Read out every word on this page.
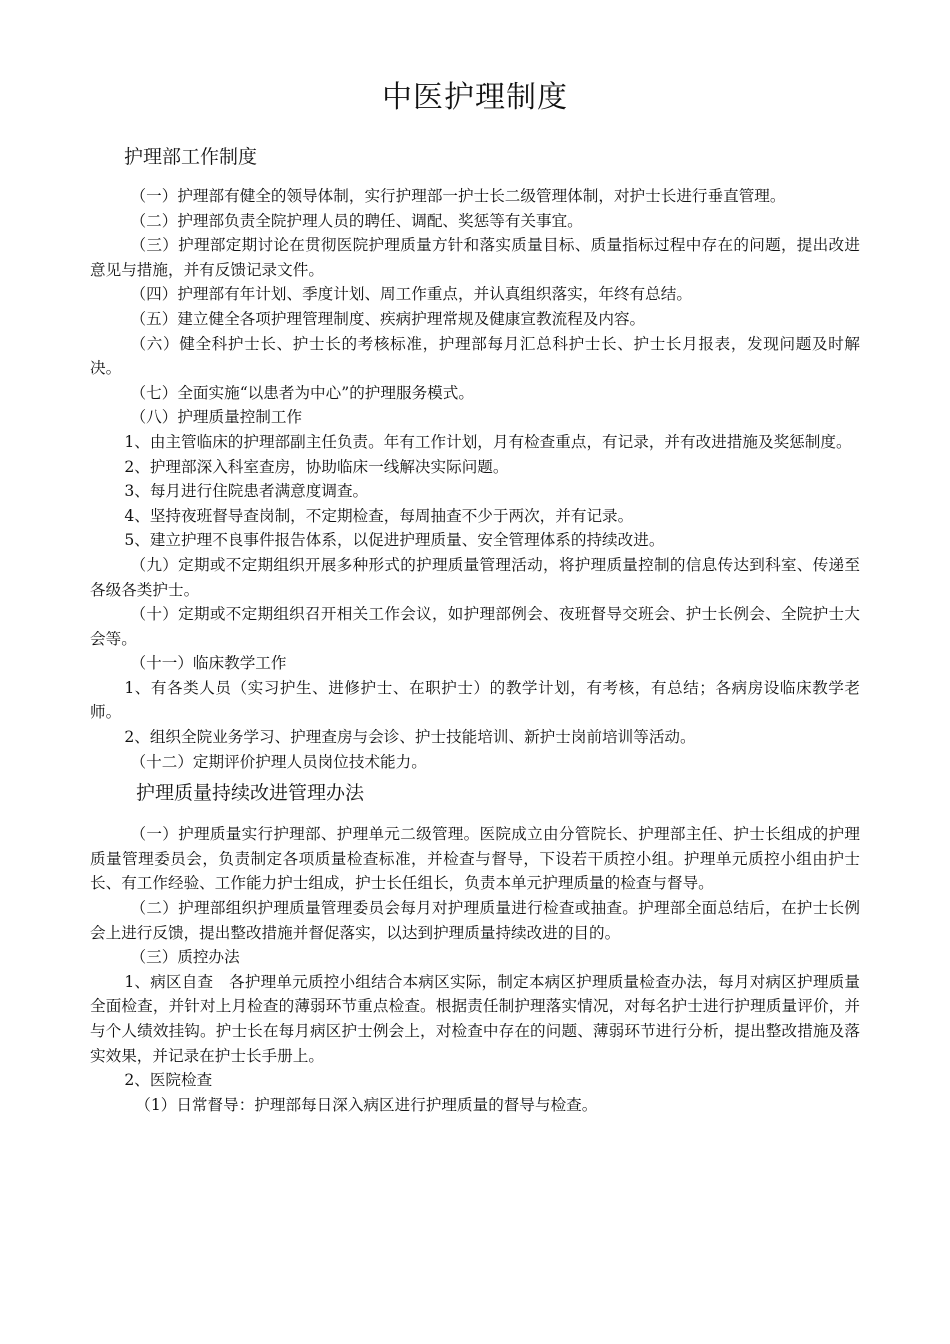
中医护理制度
护理部工作制度

（一）护理部有健全的领导体制，实行护理部一护士长二级管理体制，对护士长进行垂直管理。

（二）护理部负责全院护理人员的聘任、调配、奖惩等有关事宜。

（三）护理部定期讨论在贯彻医院护理质量方针和落实质量目标、质量指标过程中存在的问题，提出改进意见与措施，并有反馈记录文件。

（四）护理部有年计划、季度计划、周工作重点，并认真组织落实，年终有总结。

（五）建立健全各项护理管理制度、疾病护理常规及健康宣教流程及内容。

（六）健全科护士长、护士长的考核标准，护理部每月汇总科护士长、护士长月报表，发现问题及时解决。

（七）全面实施“以患者为中心”的护理服务模式。

（八）护理质量控制工作

1、由主管临床的护理部副主任负责。年有工作计划，月有检查重点，有记录，并有改进措施及奖惩制度。

2、护理部深入科室查房，协助临床一线解决实际问题。

3、每月进行住院患者满意度调查。

4、坚持夜班督导查岗制，不定期检查，每周抽查不少于两次，并有记录。

5、建立护理不良事件报告体系，以促进护理质量、安全管理体系的持续改进。

（九）定期或不定期组织开展多种形式的护理质量管理活动，将护理质量控制的信息传达到科室、传递至各级各类护士。

（十）定期或不定期组织召开相关工作会议，如护理部例会、夜班督导交班会、护士长例会、全院护士大会等。

（十一）临床教学工作

1、有各类人员（实习护生、进修护士、在职护士）的教学计划，有考核，有总结；各病房设临床教学老师。

2、组织全院业务学习、护理查房与会诊、护士技能培训、新护士岗前培训等活动。

（十二）定期评价护理人员岗位技术能力。

护理质量持续改进管理办法

（一）护理质量实行护理部、护理单元二级管理。医院成立由分管院长、护理部主任、护士长组成的护理质量管理委员会，负责制定各项质量检查标准，并检查与督导，下设若干质控小组。护理单元质控小组由护士长、有工作经验、工作能力护士组成，护士长任组长，负责本单元护理质量的检查与督导。

（二）护理部组织护理质量管理委员会每月对护理质量进行检查或抽查。护理部全面总结后，在护士长例会上进行反馈，提出整改措施并督促落实，以达到护理质量持续改进的目的。

（三）质控办法

1、病区自查　各护理单元质控小组结合本病区实际，制定本病区护理质量检查办法，每月对病区护理质量全面检查，并针对上月检查的薄弱环节重点检查。根据责任制护理落实情况，对每名护士进行护理质量评价，并与个人绩效挂钩。护士长在每月病区护士例会上，对检查中存在的问题、薄弱环节进行分析，提出整改措施及落实效果，并记录在护士长手册上。

2、医院检查

（1）日常督导：护理部每日深入病区进行护理质量的督导与检查。
